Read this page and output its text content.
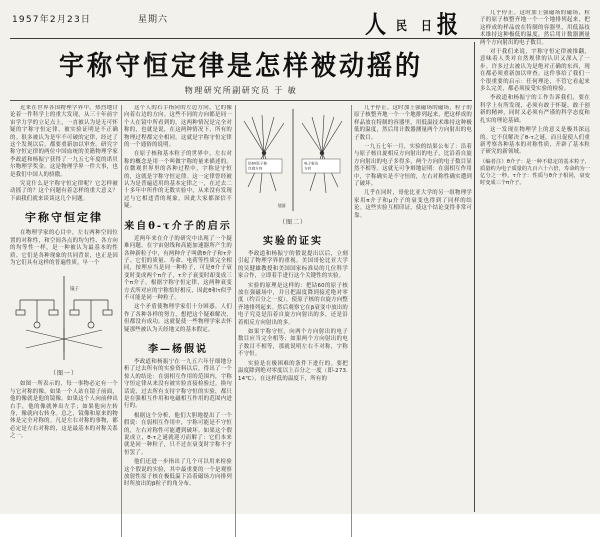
1957年2月23日	星期六	人民 日报
宇称守恒定律是怎样被动摇的
物理研究所副研究员 于 敏

近来在世界各国物理学界中，热烈地讨论着一件科学上的重大发现，从三十年前宇宙学力学的立足点上，一直被认为是无可怀疑的宇称守恒定律，被实验证明是不正确的。很多被认为是牢不可破的定律，经过了这个发现以后，都要重新加以审查。研究宇称守恒定律的两位中国血统的美籍物理学家李政道和杨振宁获得了一九五七年度的诺贝尔物理学奖金。这是物理学界一件大事，也是我们中国人的骄傲。

究竟什么是宇称守恒定律呢？它怎样被动摇了的？这个问题有着怎样的重大意义？下面我们就来谈谈这几个问题。

宇称守恒定律

在物理学家的心目中，左右两种空间位置的对称性，和空间各点的均匀性、各方向的均等性一样，是一种被认为最基本的性质。它们是各种现象的共同背景，也正是因为它们具有这样的普遍性质，早一个

镜子
（图一）

如图一所表示的，每一事物必定有一个与它对称的像，如果一个人站在镜子前面，他的像就是他的镜像。如果这个人向前伸出右手，他的像就伸出左手；如果他向左转身，像就向右转身。总之，镜像和原来的物体是完全对称的。凡是左右对称的事物，都必定是左右对称的，这是最基本的对称关系之一。

这个人的右手指向的左边方向，它的像向着右边的方向。这些不同的方向都是同一个人在镜中所看到的。这两种情况是完全对称的，也就是说，在这两种情况下，所有的物理过程都完全相同。这就是宇称守恒定律的一个通俗的说明。

在原子核和基本粒子的世界中，左右对称的概念是用一个叫做宇称的量来描述的。在微观世界里的各种过程中，宇称是守恒的，这就是宇称守恒定律。这一定律曾经被认为是普遍适用的基本定律之一，在过去二十多年中所作的无数实验中，从来没有发现过与它相违背的现象，因此大家都深信不疑。

来自θ-τ介子的启示

近两年来在介子的研究中出现了一个疑难问题。在宇宙射线和高能加速器所产生的各种新粒子中，有两种介子叫做θ介子和τ介子。它们的质量、寿命、电荷等性质完全相同，按理应当是同一种粒子，可是θ介子衰变时变成两个π介子，τ介子衰变时却变成三个π介子。根据宇称守恒定律，这两种衰变方式所对应的宇称恰好相反，因此θ和τ似乎不可能是同一种粒子。

这个矛盾使物理学家们十分困惑。人们作了各种各样的努力，想把这个疑难解决，但都没有成功。这就促使一些物理学家去怀疑那些被认为天经地义的基本假定。

李—杨假说

李政道和杨振宁在一九五六年仔细地分析了过去所有的实验资料以后，得出了一个惊人的结论：在弱相互作用的范围内，宇称守恒定律从来没有被实验直接检验过。换句话说，过去所有支持宇称守恒的实验，都只是在强相互作用和电磁相互作用的范围内进行的。

根据这个分析，他们大胆地提出了一个假说：在弱相互作用中，宇称可能是不守恒的，左右对称性可能遭到破坏。如果这个假说成立，θ-τ之谜就迎刃而解了：它们本来就是同一种粒子，只不过在衰变时宇称不守恒罢了。

他们还进一步指出了几个可以用来检验这个假说的实验，其中最重要的一个是观察放射性原子核在极低温下沿着磁场方向排列时所放出的β粒子的角分布。

钴60原子核
自旋方向
电子射出
方向
镜面
（图二）
实验的证实

李政道和杨振宁的假说提出以后，立刻引起了物理学界的重视。美国哥伦比亚大学的吴健雄教授和美国国家标准局的几位科学家合作，立即着手进行这个关键性的实验。

实验的原理是这样的：把钴60的原子核放在强磁场中，并且把温度降到接近绝对零度（约百分之一度），使原子核的自旋方向整齐地排列起来。然后观察它在β衰变中放出的电子究竟是沿着自旋方向射出的多，还是沿着相反方向射出的多。

如果宇称守恒，向两个方向射出的电子数目应当完全相等；如果两个方向射出的电子数目不相等，那就说明左右不对称，宇称不守恒。

实验是在极困难的条件下进行的。要把温度降到绝对零度以上百分之一度（即-273.14℃），在这样低的温度下，所有的

几乎停止。这时加上强磁场的磁场，粒子的原子核整齐地一个一个地排列起来，把这样成的样品放在特制的容器里，用低温技术维持这种极低的温度，然后用计数器测量两个方向射出的电子数目。

一九五七年一月，实验的结果公布了：沿着与原子核自旋相反方向射出的电子，比沿着自旋方向射出的电子多得多，两个方向的电子数目显然不相等。这就无可争辩地证明：在弱相互作用中，宇称确实是不守恒的，左右对称性确实遭到了破坏。

几乎在同时，哥伦比亚大学的另一组物理学家用π介子和μ介子的衰变也得到了同样的结论。这些实验互相印证，使这个结论变得非常可靠。

几乎停止。这时加上强磁场的磁场，粒子的原子核整齐地一个一个地排列起来，把这样成的样品放在特制的容器里，用低温技术维持这种极低的温度，然后用计数器测量两个方向射出的电子数目。

对于我们来说，宇称守恒定律被推翻，意味着人类对自然规律的认识又深入了一步。许多过去被认为是绝对正确的东西，现在都必须重新加以审查。这件事给了我们一个很重要的启示：任何理论，不管它看起来多么完美，都必须接受实验的检验。

李政道和杨振宁的工作告诉我们，要在科学上有所发现，必须有敢于怀疑、敢于创新的精神，同时又必须有严谨的科学态度和扎实的理论基础。

这一发现在物理学上的意义是极其深远的。它不仅解决了θ-τ之谜，而且促使人们重新考察各种基本的对称性质，开辟了基本粒子研究的新领域。

（编者注）θ介子：是一种不稳定的基本粒子，质量约为电子质量的九百六十六倍，寿命约为一亿分之一秒。τ介子：性质与θ介子相同，衰变时变成三个π介子。
